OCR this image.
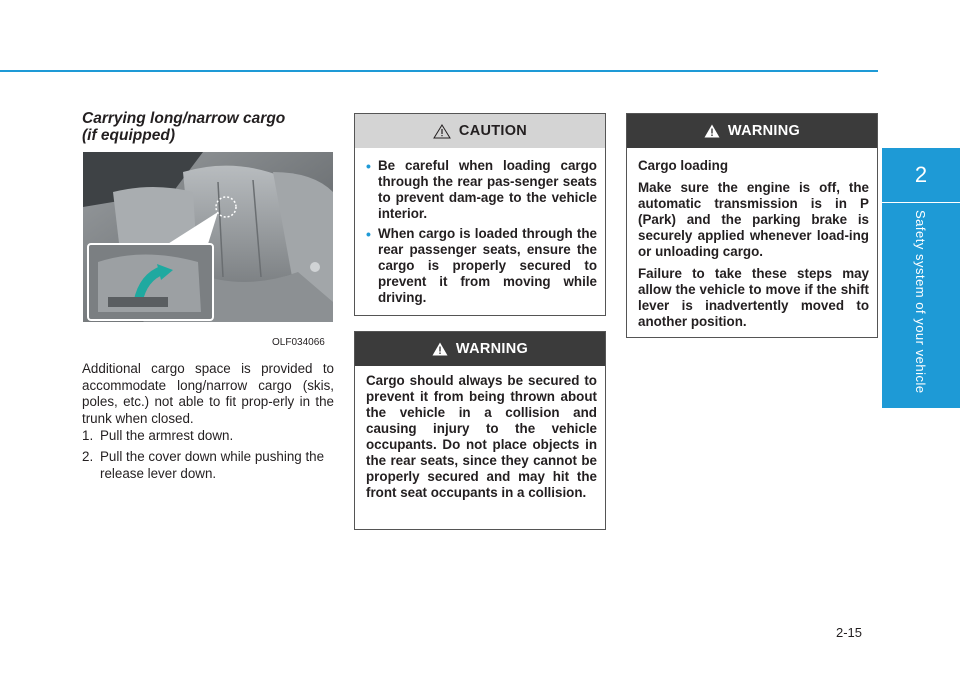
2
Safety system of your vehicle
Carrying long/narrow cargo
(if equipped)
OLF034066
Additional cargo space is provided to accommodate long/narrow cargo (skis, poles, etc.) not able to fit prop-erly in the trunk when closed.
1. Pull the armrest down.
2. Pull the cover down while pushing the release lever down.
CAUTION
• Be careful when loading cargo through the rear pas-senger seats to prevent dam-age to the vehicle interior.
• When cargo is loaded through the rear passenger seats, ensure the cargo is properly secured to prevent it from moving while driving.
WARNING
Cargo should always be secured to prevent it from being thrown about the vehicle in a collision and causing injury to the vehicle occupants. Do not place objects in the rear seats, since they cannot be properly secured and may hit the front seat occupants in a collision.
WARNING
Cargo loading
Make sure the engine is off, the automatic transmission is in P (Park) and the parking brake is securely applied whenever load-ing or unloading cargo.
Failure to take these steps may allow the vehicle to move if the shift lever is inadvertently moved to another position.
2-15
